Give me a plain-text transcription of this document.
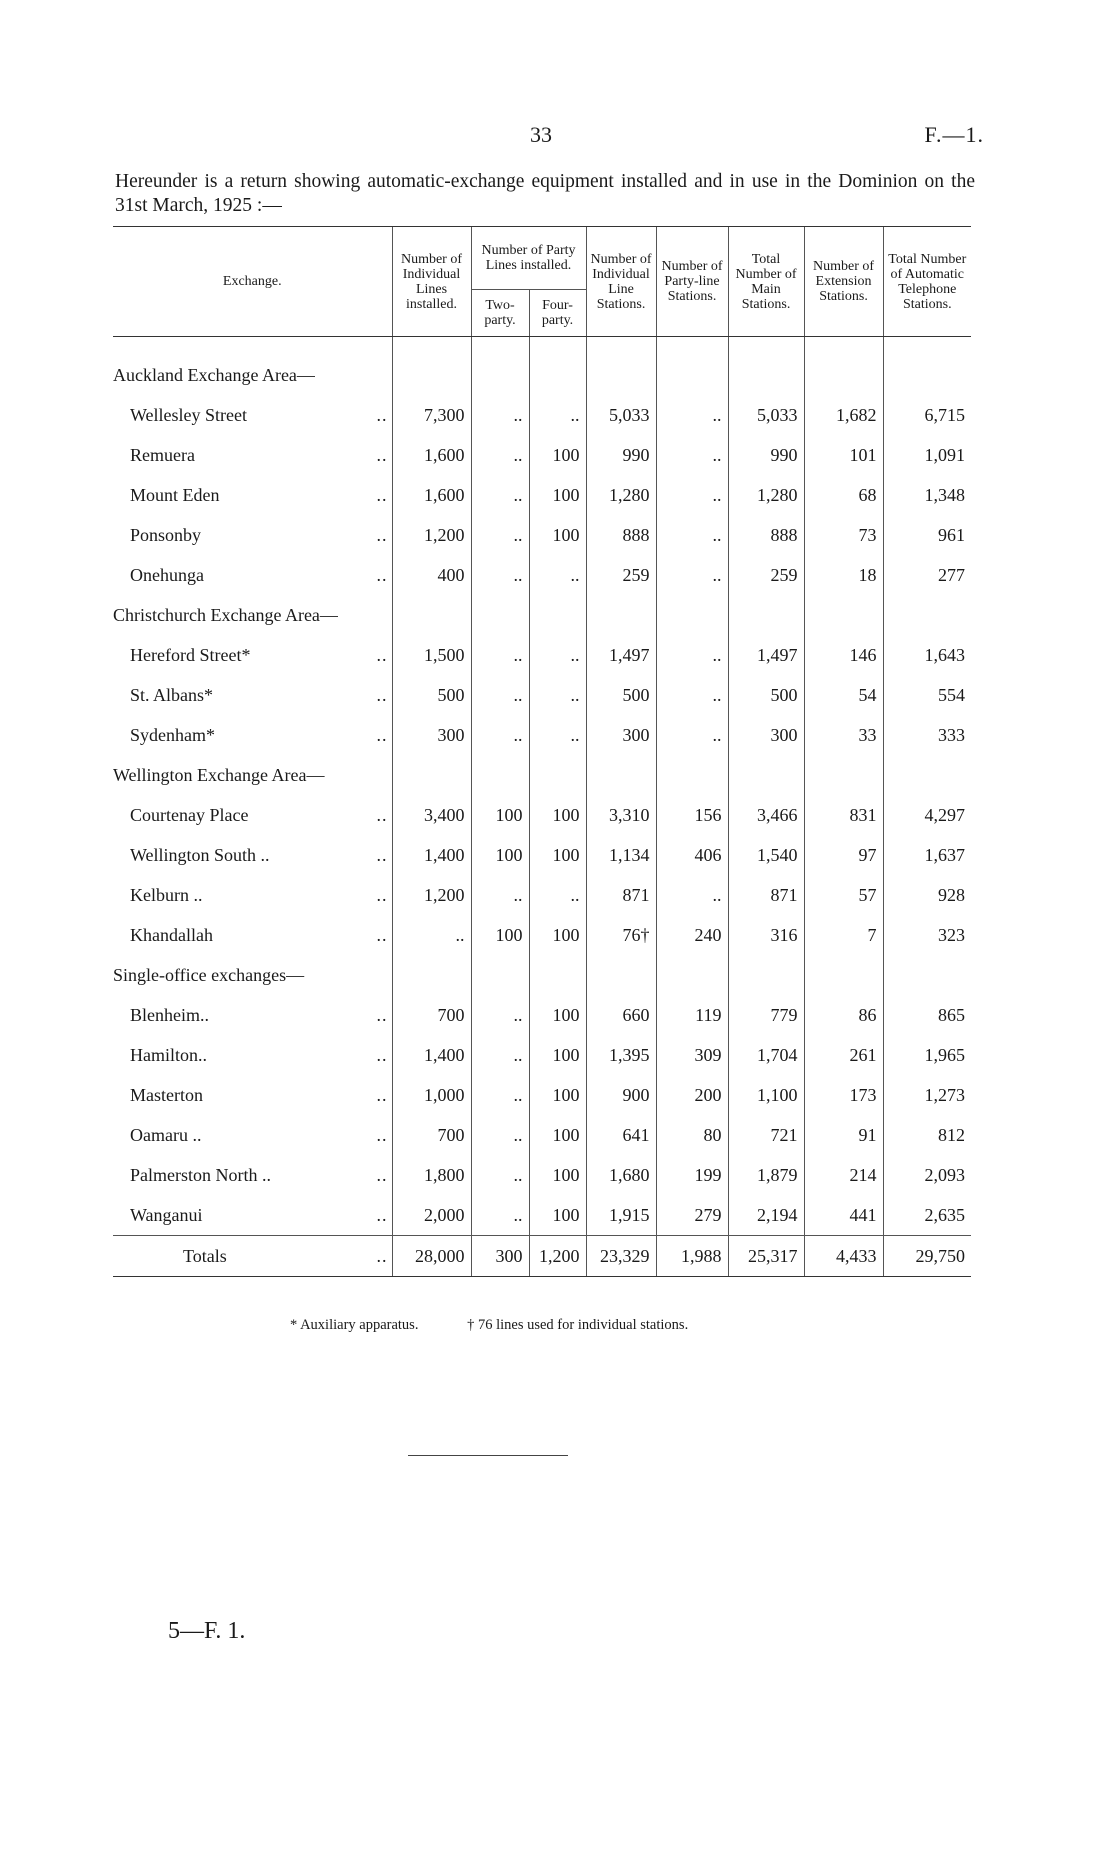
33	F.—1.
Hereunder is a return showing automatic-exchange equipment installed and in use in the Dominion on the 31st March, 1925 :—
Exchange.	Number of Individual Lines installed.	Number of Party Lines installed.		Number of Individual Line Stations.	Number of Party-line Stations.	Total Number of Main Stations.	Number of Extension Stations.	Total Number of Automatic Telephone Stations.
		Two-party.	Four-party.					

Auckland Exchange Area—								

..
Wellesley Street	7,300	..	..	5,033	..	5,033	1,682	6,715

..
Remuera	1,600	..	100	990	..	990	101	1,091

..
Mount Eden	1,600	..	100	1,280	..	1,280	68	1,348

..
Ponsonby	1,200	..	100	888	..	888	73	961

..
Onehunga	400	..	..	259	..	259	18	277
Christchurch Exchange Area—								

..
Hereford Street*	1,500	..	..	1,497	..	1,497	146	1,643

..
St. Albans*	500	..	..	500	..	500	54	554

..
Sydenham*	300	..	..	300	..	300	33	333
Wellington Exchange Area—								

..
Courtenay Place	3,400	100	100	3,310	156	3,466	831	4,297

..
Wellington South ..	1,400	100	100	1,134	406	1,540	97	1,637

..
Kelburn ..	1,200	..	..	871	..	871	57	928

..
Khandallah	..	100	100	76†	240	316	7	323
Single-office exchanges—								

..
Blenheim..	700	..	100	660	119	779	86	865

..
Hamilton..	1,400	..	100	1,395	309	1,704	261	1,965

..
Masterton	1,000	..	100	900	200	1,100	173	1,273

..
Oamaru ..	700	..	100	641	80	721	91	812

..
Palmerston North ..	1,800	..	100	1,680	199	1,879	214	2,093

..
Wanganui	2,000	..	100	1,915	279	2,194	441	2,635

..
Totals	28,000	300	1,200	23,329	1,988	25,317	4,433	29,750
* Auxiliary apparatus.	† 76 lines used for individual stations.
5—F. 1.
